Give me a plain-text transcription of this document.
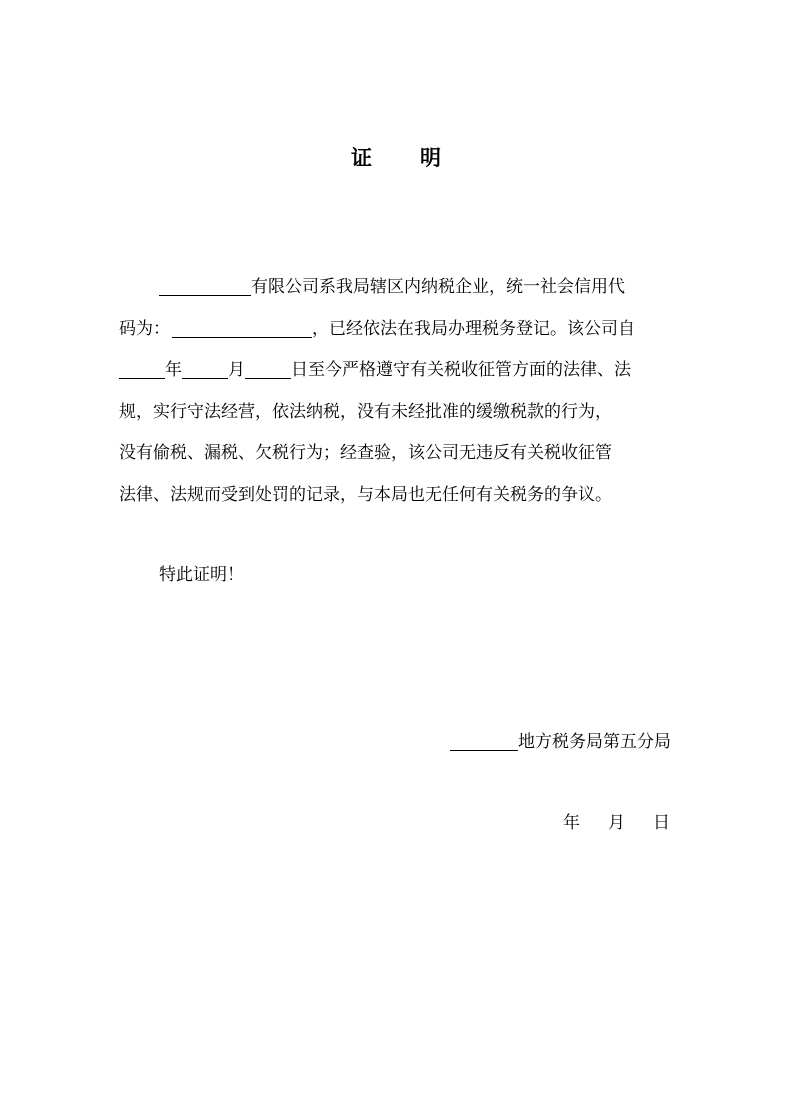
证 明
有限公司系我局辖区内纳税企业，统一社会信用代
码为：	，已经依法在我局办理税务登记。该公司自
年	月	日至今严格遵守有关税收征管方面的法律、法
规，实行守法经营，依法纳税，没有未经批准的缓缴税款的行为，
没有偷税、漏税、欠税行为；经查验，该公司无违反有关税收征管
法律、法规而受到处罚的记录，与本局也无任何有关税务的争议。
特此证明！
地方税务局第五分局
年 月 日
